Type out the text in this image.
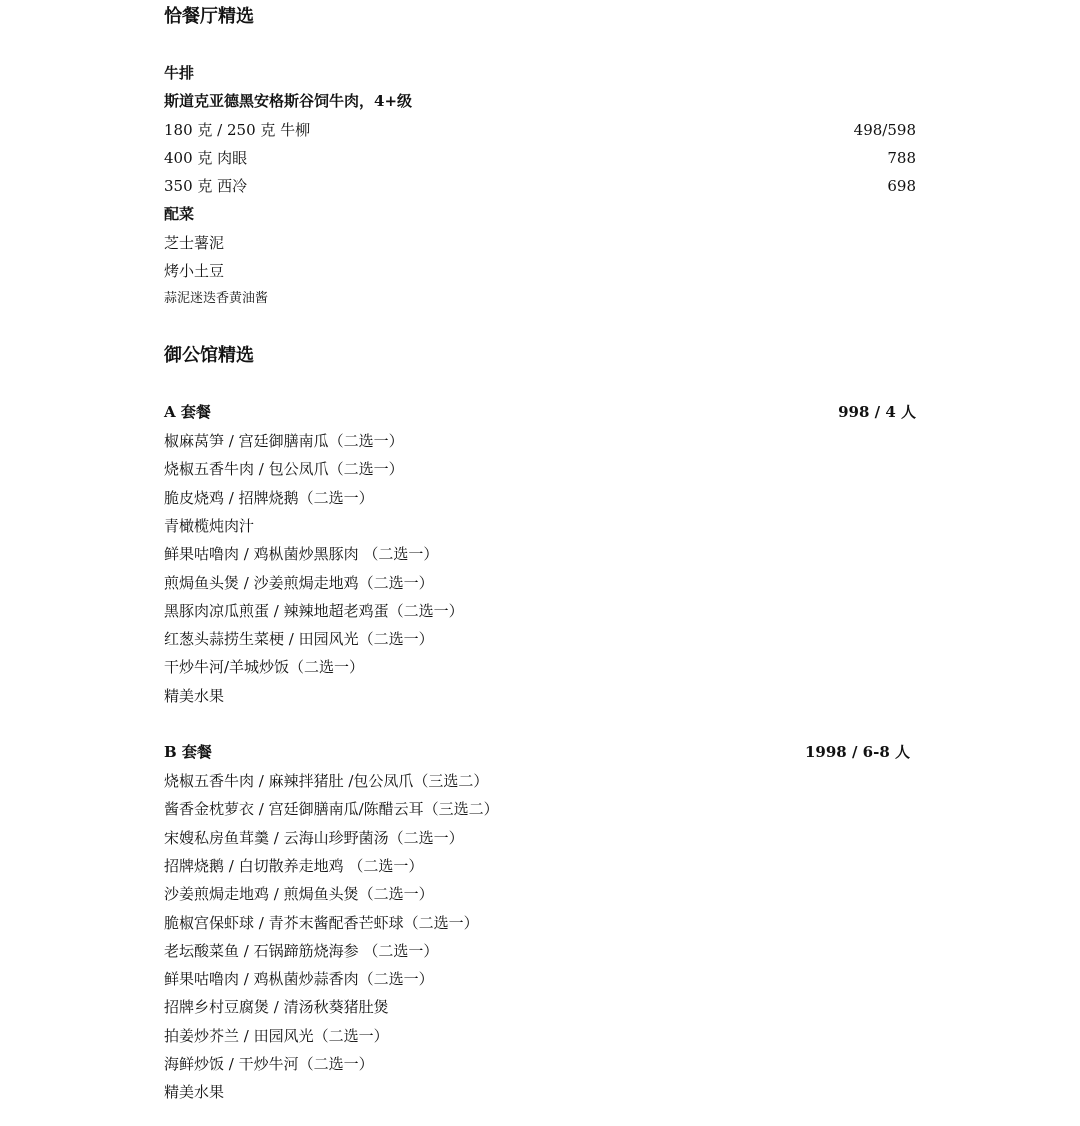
恰餐厅精选
牛排
斯道克亚德黑安格斯谷饲牛肉，4+级
180 克 / 250 克 牛柳	498/598
400 克 肉眼	788
350 克 西冷	698
配菜
芝士薯泥
烤小土豆
蒜泥迷迭香黄油酱
御公馆精选
A 套餐	998 / 4 人
椒麻莴笋 / 宫廷御膳南瓜（二选一）
烧椒五香牛肉 / 包公凤爪（二选一）
脆皮烧鸡 / 招牌烧鹅（二选一）
青橄榄炖肉汁
鲜果咕噜肉 / 鸡枞菌炒黑豚肉 （二选一）
煎焗鱼头煲 / 沙姜煎焗走地鸡（二选一）
黑豚肉凉瓜煎蛋 / 辣辣地超老鸡蛋（二选一）
红葱头蒜捞生菜梗 / 田园风光（二选一）
干炒牛河/羊城炒饭（二选一）
精美水果
B 套餐	1998 / 6-8 人
烧椒五香牛肉 / 麻辣拌猪肚 /包公凤爪（三选二）
酱香金枕萝衣 / 宫廷御膳南瓜/陈醋云耳（三选二）
宋嫂私房鱼茸羹 / 云海山珍野菌汤（二选一）
招牌烧鹅 / 白切散养走地鸡 （二选一）
沙姜煎焗走地鸡 / 煎焗鱼头煲（二选一）
脆椒宫保虾球 / 青芥末酱配香芒虾球（二选一）
老坛酸菜鱼 / 石锅蹄筋烧海参 （二选一）
鲜果咕噜肉 / 鸡枞菌炒蒜香肉（二选一）
招牌乡村豆腐煲 / 清汤秋葵猪肚煲
拍姜炒芥兰 / 田园风光（二选一）
海鲜炒饭 / 干炒牛河（二选一）
精美水果
